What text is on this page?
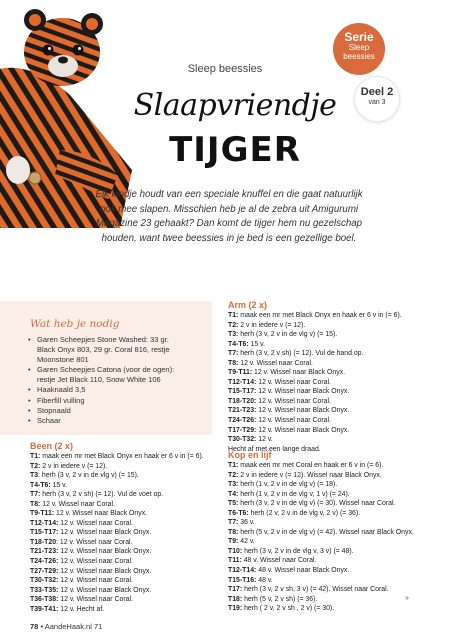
Serie
Sleep
beessies
Deel 2
van 3
Sleep beessies
Slaapvriendje
TIJGER
Elk kindje houdt van een speciale knuffel en die gaat natuurlijk
ook mee slapen. Misschien heb je al de zebra uit Amigurumi
Magazine 23 gehaakt? Dan komt de tijger hem nu gezelschap
houden, want twee beessies in je bed is een gezellige boel.
Wat heb je nodig
• Garen Scheepjes Stone Washed: 33 gr.
Black Onyx 803, 29 gr. Coral 816, restje
Moonstone 801
• Garen Scheepjes Catona (voor de ogen):
restje Jet Black 110, Snow White 106
• Haaknaald 3,5
• Fiberfill vulling
• Stopnaald
• Schaar
Been (2 x)
T1: maak een mr met Black Onyx en haak er 6 v in (= 6).
T2: 2 v in iedere v (= 12).
T3: herh (3 v, 2 v in de vlg v) (= 15).
T4-T6: 15 v.
T7: herh (3 v, 2 v sh) (= 12). Vul de voet op.
T8: 12 v. Wissel naar Coral.
T9-T11: 12 v. Wissel naar Black Onyx.
T12-T14: 12 v. Wissel naar Coral.
T15-T17: 12 v. Wissel naar Black Onyx.
T18-T20: 12 v. Wissel naar Coral.
T21-T23: 12 v. Wissel naar Black Onyx.
T24-T26: 12 v. Wissel naar Coral.
T27-T29: 12 v. Wissel naar Black Onyx.
T30-T32: 12 v. Wissel naar Coral.
T33-T35: 12 v. Wissel naar Black Onyx.
T36-T38: 12 v. Wissel naar Coral.
T39-T41: 12 v. Hecht af.
Arm (2 x)
T1: maak een mr met Black Onyx en haak er 6 v in (= 6).
T2: 2 v in iedere v (= 12).
T3: herh (3 v, 2 v in de vlg v) (= 15).
T4-T6: 15 v.
T7: herh (3 v, 2 v sh) (= 12). Vul de hand op.
T8: 12 v. Wissel naar Coral.
T9-T11: 12 v. Wissel naar Black Onyx.
T12-T14: 12 v. Wissel naar Coral.
T15-T17: 12 v. Wissel naar Black Onyx.
T18-T20: 12 v. Wissel naar Coral.
T21-T23: 12 v. Wissel naar Black Onyx.
T24-T26: 12 v. Wissel naar Coral.
T17-T29: 12 v. Wissel naar Black Onyx.
T30-T32: 12 v.
Hecht af met een lange draad.
Kop en lijf
T1: maak een mr met Coral en haak er 6 v in (= 6).
T2: 2 v in iedere v (= 12). Wissel naar Black Onyx.
T3: herh (1 v, 2 v in de vlg v) (= 18).
T4: herh (1 v, 2 v in de vlg v, 1 v) (= 24).
T5: herh (3 v, 2 v in de vlg v) (= 30). Wissel naar Coral.
T6-T6: herh (2 v, 2 v in de vlg v, 2 v) (= 36).
T7: 36 v.
T8: herh (5 v, 2 v in de vlg v) (= 42). Wissel naar Black Onyx.
T9: 42 v.
T10: herh (3 v, 2 v in de vlg v, 3 v) (= 48).
T11: 48 v. Wissel naar Coral.
T12-T14: 48 v. Wissel naar Black Onyx.
T15-T16: 48 v.
T17: herh (3 v, 2 v sh, 3 v) (= 42). Wissel naar Coral.
T18: herh (5 v, 2 v sh) (= 36).
T19: herh ( 2 v, 2 v sh , 2 v) (= 30).
»
78 • AandeHaak.nl 71
